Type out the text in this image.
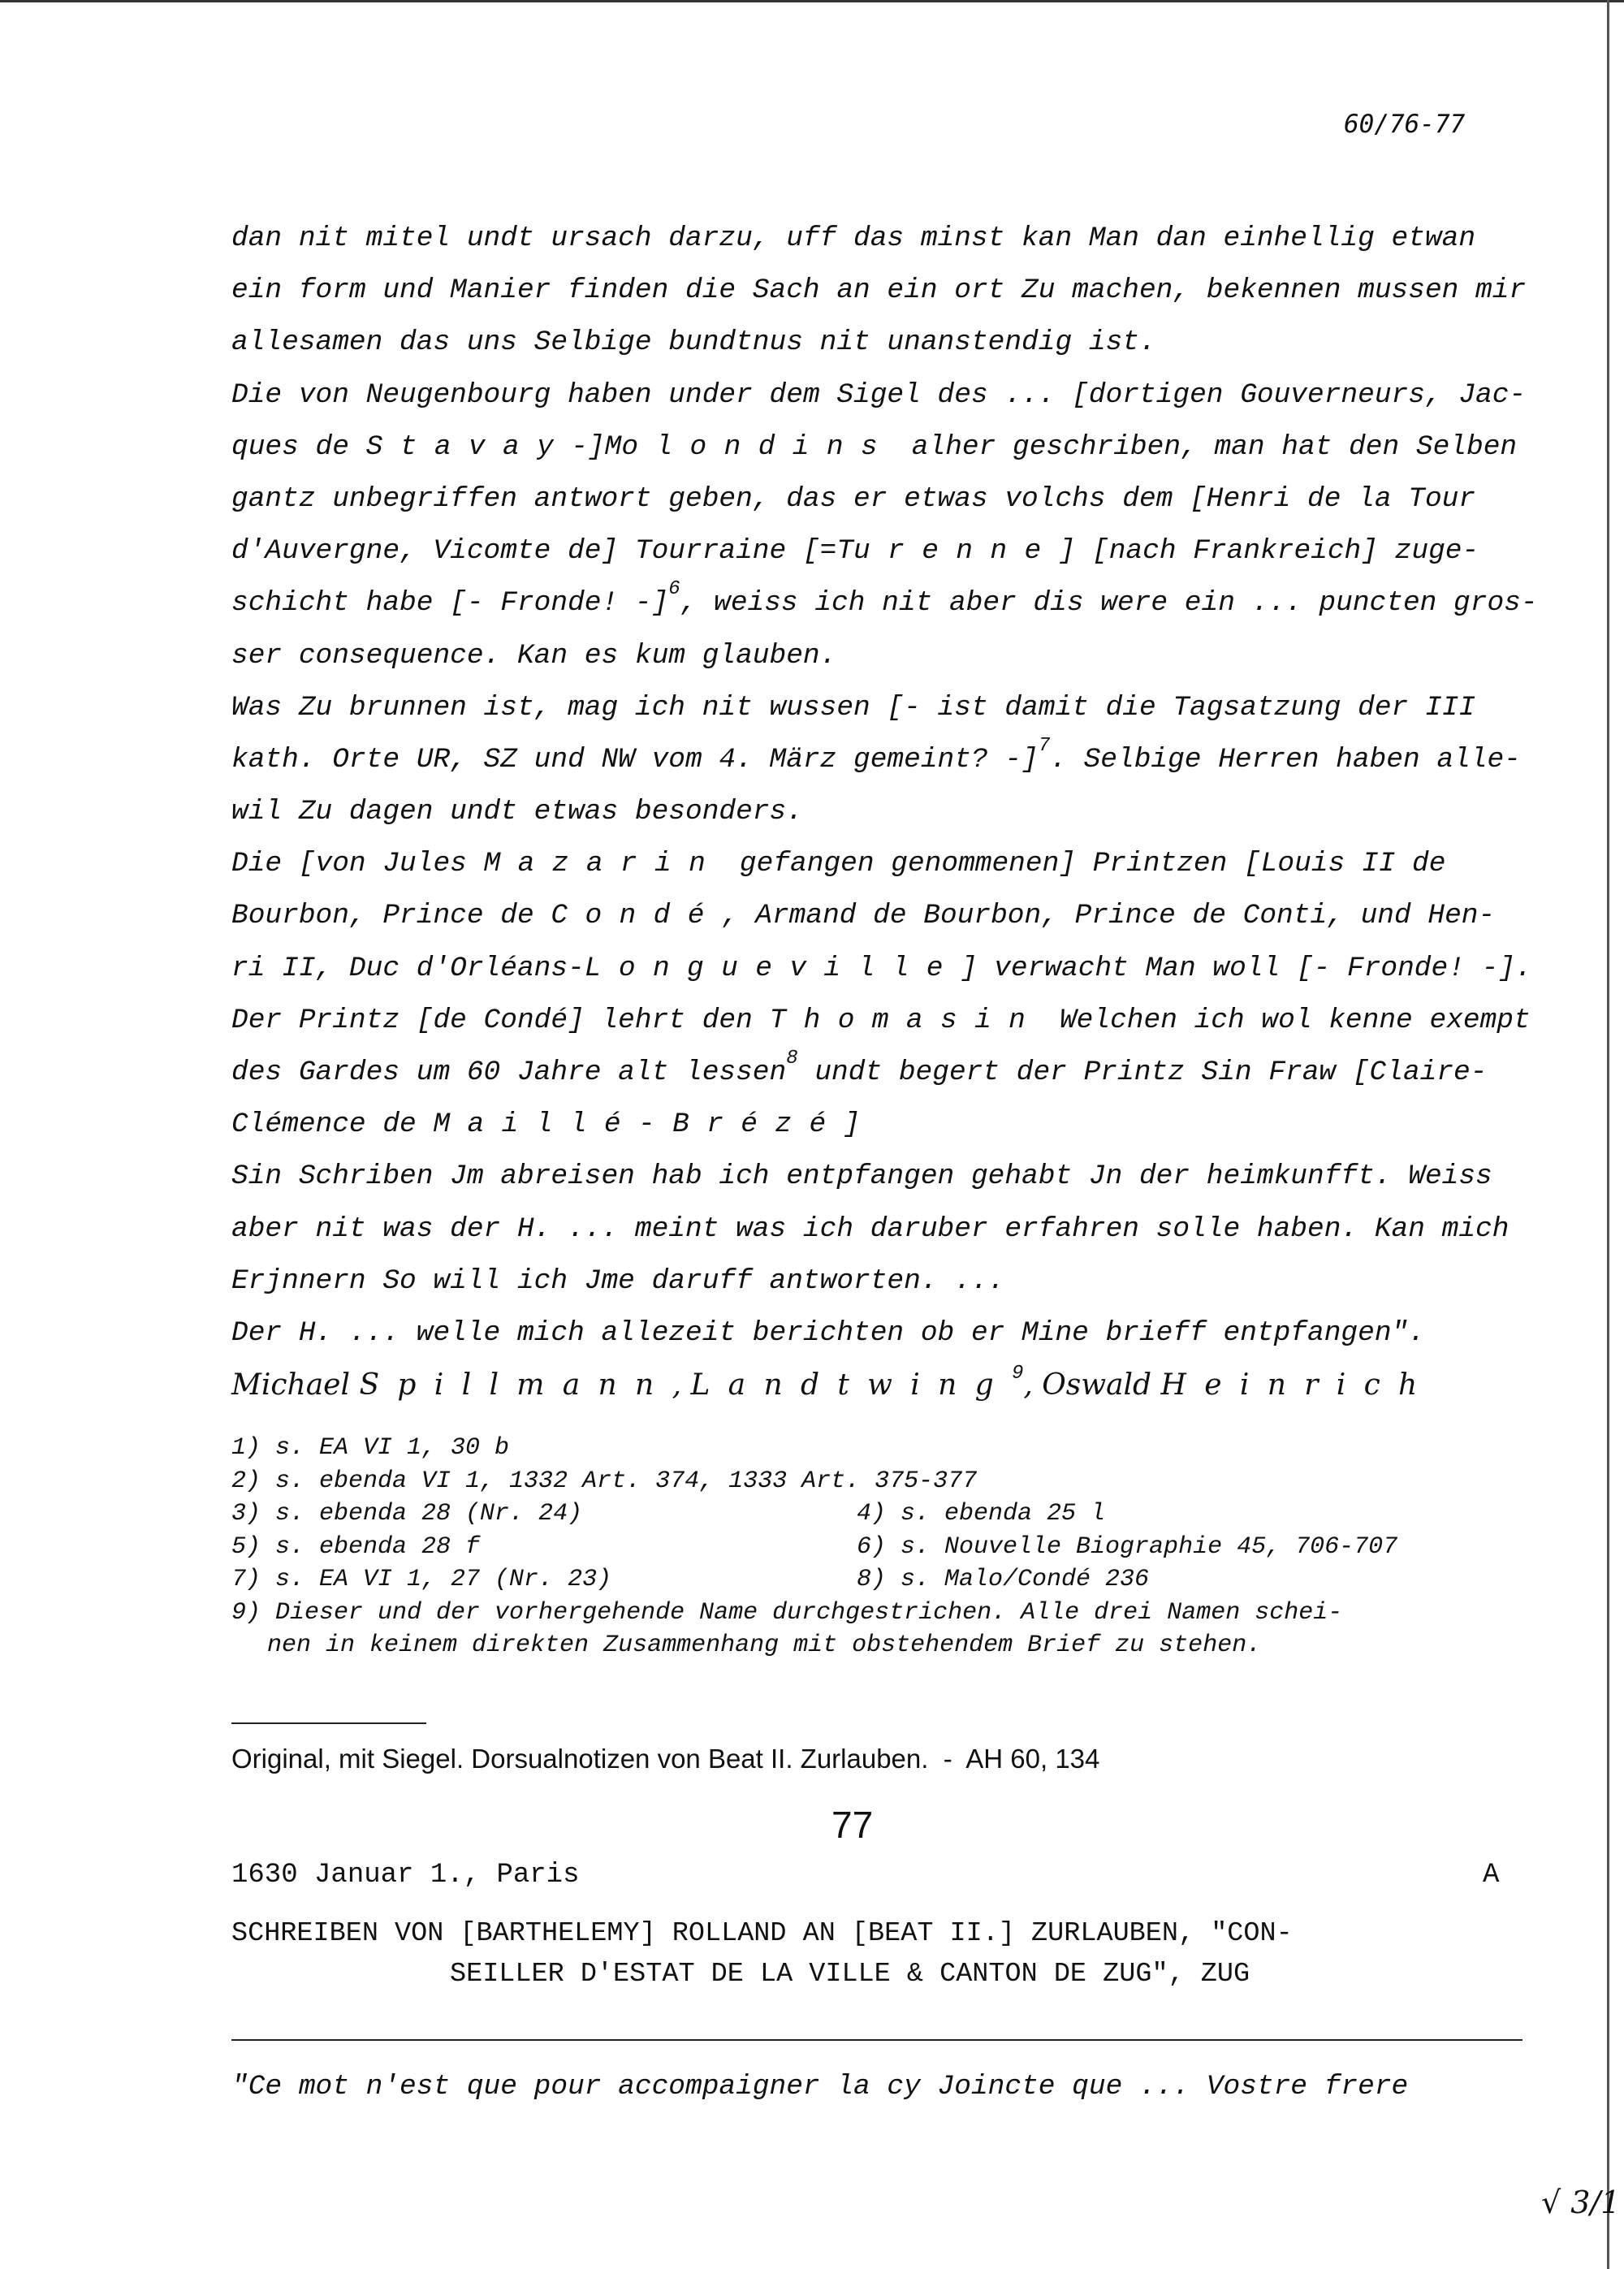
60/76-77
dan nit mitel undt ursach darzu, uff das minst kan Man dan einhellig etwan
ein form und Manier finden die Sach an ein ort Zu machen, bekennen mussen mir
allesamen das uns Selbige bundtnus nit unanstendig ist.
Die von Neugenbourg haben under dem Sigel des ... [dortigen Gouverneurs, Jac-
ques de Stavay-]Molondins alher geschriben, man hat den Selben
gantz unbegriffen antwort geben, das er etwas volchs dem [Henri de la Tour
d'Auvergne, Vicomte de] Tourraine [=Turenne] [nach Frankreich] zuge-
schicht habe [- Fronde! -]$^6$, weiss ich nit aber dis were ein ... puncten gros-
ser consequence. Kan es kum glauben.
Was Zu brunnen ist, mag ich nit wussen [- ist damit die Tagsatzung der III
kath. Orte UR, SZ und NW vom 4. März gemeint? -]$^7$. Selbige Herren haben alle-
wil Zu dagen undt etwas besonders.
Die [von Jules Mazarin gefangen genommenen] Printzen [Louis II de
Bourbon, Prince de Condé, Armand de Bourbon, Prince de Conti, und Hen-
ri II, Duc d'Orléans-Longueville] verwacht Man woll [- Fronde! -].
Der Printz [de Condé] lehrt den Thomasin Welchen ich wol kenne exempt
des Gardes um 60 Jahre alt lessen$^8$ undt begert der Printz Sin Fraw [Claire-
Clémence de Maillé-Brézé]
Sin Schriben Jm abreisen hab ich entpfangen gehabt Jn der heimkunfft. Weiss
aber nit was der H. ... meint was ich daruber erfahren solle haben. Kan mich
Erjnnern So will ich Jme daruff antworten. ...
Der H. ... welle mich allezeit berichten ob er Mine brieff entpfangen".
Michael Spillmann, Landtwing$^9$, Oswald Heinrich
1) s. EA VI 1, 30 b
2) s. ebenda VI 1, 1332 Art. 374, 1333 Art. 375-377
3) s. ebenda 28 (Nr. 24)	4) s. ebenda 25 l
5) s. ebenda 28 f	6) s. Nouvelle Biographie 45, 706-707
7) s. EA VI 1, 27 (Nr. 23)	8) s. Malo/Condé 236
9) Dieser und der vorhergehende Name durchgestrichen. Alle drei Namen schei-
nen in keinem direkten Zusammenhang mit obstehendem Brief zu stehen.
Original, mit Siegel. Dorsualnotizen von Beat II. Zurlauben.  -  AH 60, 134
77
1630 Januar 1., Paris	A
SCHREIBEN VON [BARTHELEMY] ROLLAND AN [BEAT II.] ZURLAUBEN, "CON-
SEILLER D'ESTAT DE LA VILLE & CANTON DE ZUG", ZUG
"Ce mot n'est que pour accompaigner la cy Joincte que ... Vostre frere
√ 3/1
